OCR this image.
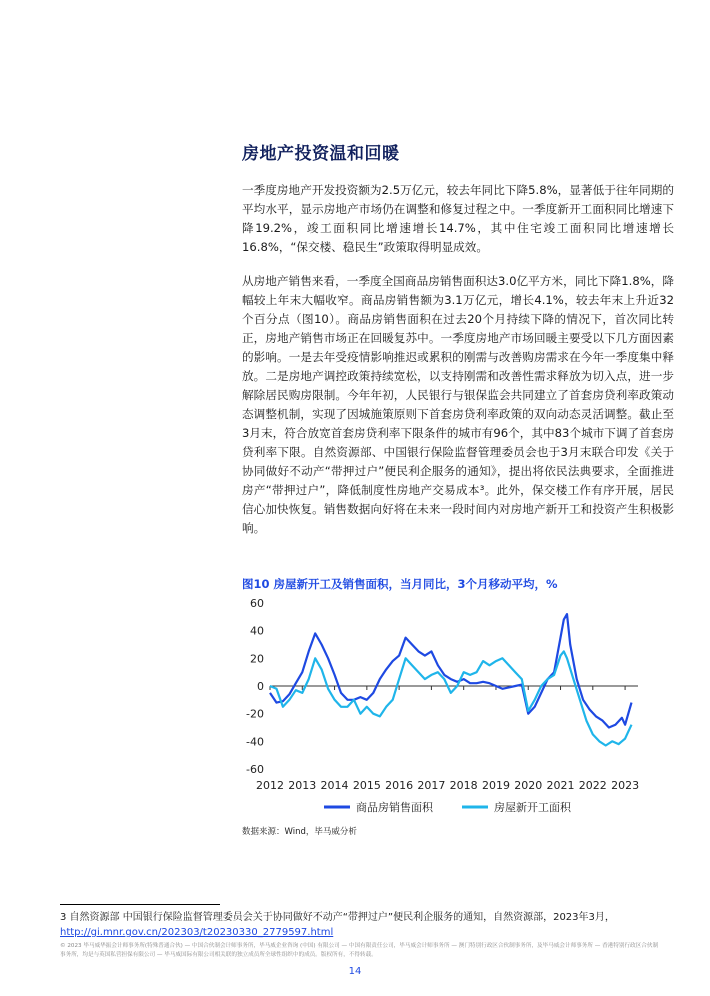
房地产投资温和回暖

一季度房地产开发投资额为2.5万亿元，较去年同比下降5.8%，显著低于往年同期的平均水平，显示房地产市场仍在调整和修复过程之中。一季度新开工面积同比增速下降19.2%，竣工面积同比增速增长14.7%，其中住宅竣工面积同比增速增长16.8%，“保交楼、稳民生”政策取得明显成效。

从房地产销售来看，一季度全国商品房销售面积达3.0亿平方米，同比下降1.8%，降幅较上年末大幅收窄。商品房销售额为3.1万亿元，增长4.1%，较去年末上升近32个百分点（图10）。商品房销售面积在过去20个月持续下降的情况下，首次同比转正，房地产销售市场正在回暖复苏中。一季度房地产市场回暖主要受以下几方面因素的影响。一是去年受疫情影响推迟或累积的刚需与改善购房需求在今年一季度集中释放。二是房地产调控政策持续宽松，以支持刚需和改善性需求释放为切入点，进一步解除居民购房限制。今年年初，人民银行与银保监会共同建立了首套房贷利率政策动态调整机制，实现了因城施策原则下首套房贷利率政策的双向动态灵活调整。截止至3月末，符合放宽首套房贷利率下限条件的城市有96个，其中83个城市下调了首套房贷利率下限。自然资源部、中国银行保险监督管理委员会也于3月末联合印发《关于协同做好不动产“带押过户”便民利企服务的通知》，提出将依民法典要求，全面推进房产“带押过户”，降低制度性房地产交易成本³。此外，保交楼工作有序开展，居民信心加快恢复。销售数据向好将在未来一段时间内对房地产新开工和投资产生积极影响。

图10 房屋新开工及销售面积，当月同比，3个月移动平均，%
60
40
20
0
-20
-40
-60
2012 2013 2014 2015 2016 2017 2018 2019 2020 2021 2022 2023
商品房销售面积	房屋新开工面积
数据来源：Wind，毕马威分析
3 自然资源部 中国银行保险监督管理委员会关于协同做好不动产“带押过户”便民利企服务的通知，自然资源部，2023年3月，
http://gi.mnr.gov.cn/202303/t20230330_2779597.html
© 2023 毕马威华振会计师事务所(特殊普通合伙) — 中国合伙制会计师事务所，毕马威企业咨询 (中国) 有限公司 — 中国有限责任公司，毕马威会计师事务所 — 澳门特别行政区合伙制事务所，及毕马威会计师事务所 — 香港特别行政区合伙制事务所，均是与英国私营担保有限公司 — 毕马威国际有限公司相关联的独立成员所全球性组织中的成员。版权所有，不得转载。
14
